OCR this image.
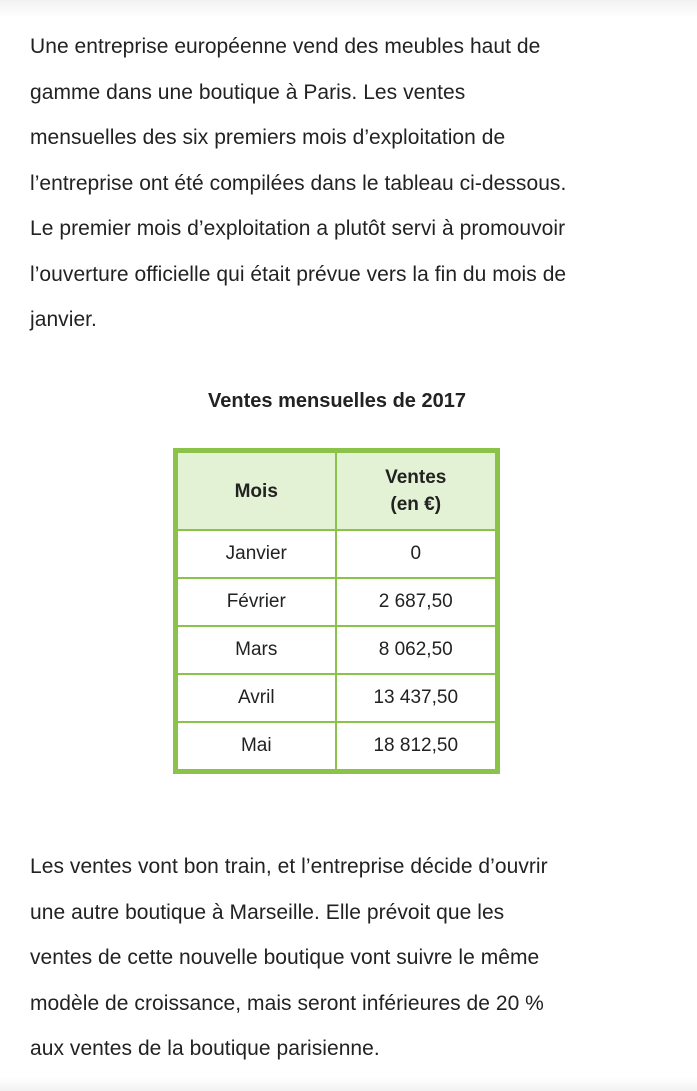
Une entreprise européenne vend des meubles haut de
gamme dans une boutique à Paris. Les ventes
mensuelles des six premiers mois d’exploitation de
l’entreprise ont été compilées dans le tableau ci-dessous.
Le premier mois d’exploitation a plutôt servi à promouvoir
l’ouverture officielle qui était prévue vers la fin du mois de
janvier.
Ventes mensuelles de 2017
Mois	Ventes
(en €)

Janvier	0
Février	2 687,50
Mars	8 062,50
Avril	13 437,50
Mai	18 812,50
Les ventes vont bon train, et l’entreprise décide d’ouvrir
une autre boutique à Marseille. Elle prévoit que les
ventes de cette nouvelle boutique vont suivre le même
modèle de croissance, mais seront inférieures de 20 %
aux ventes de la boutique parisienne.
